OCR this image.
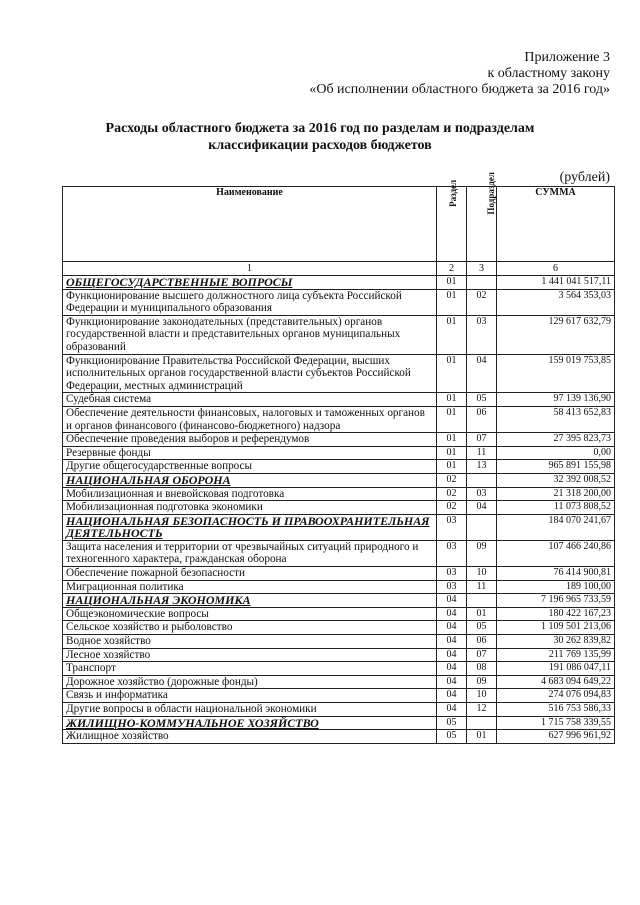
Приложение 3
к областному закону
«Об исполнении областного бюджета за 2016 год»
Расходы областного бюджета за 2016 год по разделам и подразделам
классификации расходов бюджетов
(рублей)
Наименование	Раздел	Подраздел	СУММА
1	2	3	6
ОБЩЕГОСУДАРСТВЕННЫЕ ВОПРОСЫ	01		1 441 041 517,11
Функционирование высшего должностного лица субъекта Российской Федерации и муниципального образования	01	02	3 564 353,03
Функционирование законодательных (представительных) органов государственной власти и представительных органов муниципальных образований	01	03	129 617 632,79
Функционирование Правительства Российской Федерации, высших исполнительных органов государственной власти субъектов Российской Федерации, местных администраций	01	04	159 019 753,85
Судебная система	01	05	97 139 136,90
Обеспечение деятельности финансовых, налоговых и таможенных органов и органов финансового (финансово-бюджетного) надзора	01	06	58 413 652,83
Обеспечение проведения выборов и референдумов	01	07	27 395 823,73
Резервные фонды	01	11	0,00
Другие общегосударственные вопросы	01	13	965 891 155,98
НАЦИОНАЛЬНАЯ ОБОРОНА	02		32 392 008,52
Мобилизационная и вневойсковая подготовка	02	03	21 318 200,00
Мобилизационная подготовка экономики	02	04	11 073 808,52
НАЦИОНАЛЬНАЯ БЕЗОПАСНОСТЬ И ПРАВООХРАНИТЕЛЬНАЯ ДЕЯТЕЛЬНОСТЬ	03		184 070 241,67
Защита населения и территории от чрезвычайных ситуаций природного и техногенного характера, гражданская оборона	03	09	107 466 240,86
Обеспечение пожарной безопасности	03	10	76 414 900,81
Миграционная политика	03	11	189 100,00
НАЦИОНАЛЬНАЯ ЭКОНОМИКА	04		7 196 965 733,59
Общеэкономические вопросы	04	01	180 422 167,23
Сельское хозяйство и рыболовство	04	05	1 109 501 213,06
Водное хозяйство	04	06	30 262 839,82
Лесное хозяйство	04	07	211 769 135,99
Транспорт	04	08	191 086 047,11
Дорожное хозяйство (дорожные фонды)	04	09	4 683 094 649,22
Связь и информатика	04	10	274 076 094,83
Другие вопросы в области национальной экономики	04	12	516 753 586,33
ЖИЛИЩНО-КОММУНАЛЬНОЕ ХОЗЯЙСТВО	05		1 715 758 339,55
Жилищное хозяйство	05	01	627 996 961,92
